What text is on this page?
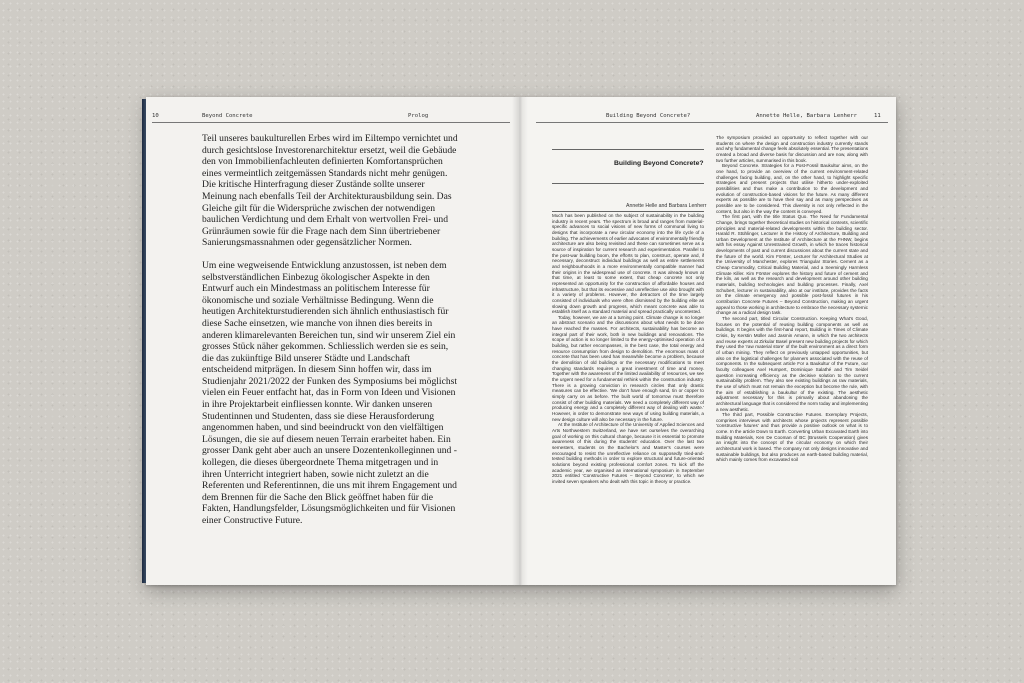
10	Beyond Concrete	Prolog

Teil unseres baukulturellen Erbes wird im Eiltempo vernichtet und durch gesichtslose Investorenarchitektur ersetzt, weil die Gebäude den von Immobilienfachleuten definierten Komfortansprüchen eines vermeintlich zeitgemässen Standards nicht mehr genügen. Die kritische Hinterfragung dieser Zustände sollte unserer Meinung nach ebenfalls Teil der Architekturausbildung sein. Das Gleiche gilt für die Widersprüche zwischen der notwendigen baulichen Verdichtung und dem Erhalt von wertvollen Frei- und Grünräumen sowie für die Frage nach dem Sinn übertriebener Sanierungsmassnahmen oder gegensätzlicher Normen.

Um eine wegweisende Entwicklung anzustossen, ist neben dem selbstverständlichen Einbezug ökologischer Aspekte in den Entwurf auch ein Mindestmass an politischem Interesse für ökonomische und soziale Verhältnisse Bedingung. Wenn die heutigen Architekturstudierenden sich ähnlich enthusiastisch für diese Sache einsetzen, wie manche von ihnen dies bereits in anderen klimarelevanten Bereichen tun, sind wir unserem Ziel ein grosses Stück näher gekommen. Schliesslich werden sie es sein, die das zukünftige Bild unserer Städte und Landschaft entscheidend mitprägen. In diesem Sinn hoffen wir, dass im Studienjahr 2021/2022 der Funken des Symposiums bei möglichst vielen ein Feuer entfacht hat, das in Form von Ideen und Visionen in ihre Projektarbeit einfliessen konnte. Wir danken unseren Studentinnen und Studenten, dass sie diese Herausforderung angenommen haben, und sind beeindruckt von den vielfältigen Lösungen, die sie auf diesem neuen Terrain erarbeitet haben. Ein grosser Dank geht aber auch an unsere Dozentenkolleginnen und -kollegen, die dieses übergeordnete Thema mitgetragen und in ihren Unterricht integriert haben, sowie nicht zuletzt an die Referenten und Referentinnen, die uns mit ihrem Engagement und dem Brennen für die Sache den Blick geöffnet haben für die Fakten, Handlungsfelder, Lösungsmöglichkeiten und für Visionen einer Constructive Future.

Building Beyond Concrete?	Annette Helle, Barbara Lenherr	11
Building Beyond Concrete?
Annette Helle and Barbara Lenherr

Much has been published on the subject of sustainability in the building industry in recent years. The spectrum is broad and ranges from material-specific advances to social visions of new forms of communal living to designs that incorporate a new circular economy into the life cycle of a building. The achievements of earlier advocates of environmentally friendly architecture are also being revisited and these can sometimes serve as a source of inspiration for current research and experimentation. Parallel to the post-war building boom, the efforts to plan, construct, operate and, if necessary, deconstruct individual buildings as well as entire settlements and neighbourhoods in a more environmentally compatible manner had their origins in the widespread use of concrete. It was already known at that time, at least to some extent, that cheap concrete not only represented an opportunity for the construction of affordable houses and infrastructure, but that its excessive and unreflective use also brought with it a variety of problems. However, the detractors of the time largely consisted of individuals who were often dismissed by the building elite as slowing down growth and progress, which meant concrete was able to establish itself as a standard material and spread practically uncontested.

Today, however, we are at a turning point. Climate change is no longer an abstract scenario and the discussions about what needs to be done have reached the masses. For architects, sustainability has become an integral part of their work, both in new buildings and renovations. The scope of action is no longer limited to the energy-optimised operation of a building, but rather encompasses, in the best case, the total energy and resource consumption from design to demolition. The enormous mass of concrete that has been used has meanwhile become a problem, because the demolition of old buildings or the necessary modifications to meet changing standards requires a great investment of time and money. Together with the awareness of the limited availability of resources, we see the urgent need for a fundamental rethink within the construction industry. There is a growing conviction in research circles that only drastic measures can be effective. 'We don't have enough sand, tin or copper to simply carry on as before. The built world of tomorrow must therefore consist of other building materials. We need a completely different way of producing energy and a completely different way of dealing with waste.' However, in order to demonstrate new ways of using building materials, a new design culture will also be necessary in the future.

At the Institute of Architecture of the University of Applied Sciences and Arts Northwestern Switzerland, we have set ourselves the overarching goal of working on this cultural change, because it is essential to promote awareness of this during the students' education. Over the last two semesters, students on the Bachelor's and Master's courses were encouraged to resist the unreflective reliance on supposedly tried-and-tested building methods in order to explore structural and future-oriented solutions beyond existing professional comfort zones. To kick off the academic year, we organised an international symposium in September 2021 entitled 'Constructive Futures – Beyond Concrete', to which we invited seven speakers who dealt with this topic in theory or practice.

The symposium provided an opportunity to reflect together with our students on where the design and construction industry currently stands and why fundamental change feels absolutely essential. The presentations created a broad and diverse basis for discussion and are now, along with two further articles, summarised in this book.

Beyond Concrete. Strategies for a Post-Fossil Baukultur aims, on the one hand, to provide an overview of the current environment-related challenges facing building, and, on the other hand, to highlight specific strategies and present projects that utilise hitherto under-exploited possibilities and thus make a contribution to the development and evolution of construction-based visions for the future. As many different experts as possible are to have their say and as many perspectives as possible are to be considered. This diversity is not only reflected in the content, but also in the way the content is conveyed.

The first part, with the title Status Quo. The Need for Fundamental Change, brings together theoretical studies on historical contexts, scientific principles and material-related developments within the building sector. Harald R. Stühlinger, Lecturer in the History of Architecture, Building and Urban Development at the Institute of Architecture at the FHNW, begins with his essay Against Unrestrained Growth, in which he traces historical developments of past and current discussions about the current state and the future of the world. Kim Förster, Lecturer for Architectural Studies at the University of Manchester, explores Triangular Stories. Cement as a Cheap Commodity, Critical Building Material, and a Seemingly Harmless Climate Killer. Kim Förster explores the history and future of cement and the kiln, as well as the research and development around other building materials, building technologies and building processes. Finally, Axel Schubert, lecturer in sustainability, also at our institute, provides the facts on the climate emergency and possible post-fossil futures in his contribution Concrete Futures – Beyond Construction, making an urgent appeal to those working in architecture to embrace the necessary systemic change as a radical design task.

The second part, titled Circular Construction. Keeping What's Good, focuses on the potential of reusing building components as well as buildings. It begins with the first-hand report, Building in Times of Climate Crisis, by Kerstin Müller and Jasmin Amann, in which the two architects and reuse experts at Zirkular Basel present new building projects for which they used the 'raw material store' of the built environment as a direct form of urban mining. They reflect on previously untapped opportunities, but also on the logistical challenges for planners associated with the reuse of components. In the subsequent article For a Baukultur of the Future, our faculty colleagues Axel Humpert, Dominique Salathé and Tim Seidel question increasing efficiency as the decisive solution to the current sustainability problem. They also see existing buildings as raw materials, the use of which must not remain the exception but become the rule, with the aim of establishing a baukultur of the existing. The aesthetic adjustment necessary for this is primarily about abandoning the architectural language that is considered the norm today and implementing a new aesthetic.

The third part, Possible Constructive Futures. Exemplary Projects, comprises interviews with architects whose projects represent possible 'constructive futures' and thus provide a positive outlook on what is to come. In the article Down to Earth. Converting Urban Excavated Earth into Building Materials, Ken De Cooman of BC (Brussels Cooperation) gives an insight into the concept of the circular economy on which their architectural work is based. The company not only designs innovative and sustainable buildings, but also produces an earth-based building material, which mainly comes from excavated soil
